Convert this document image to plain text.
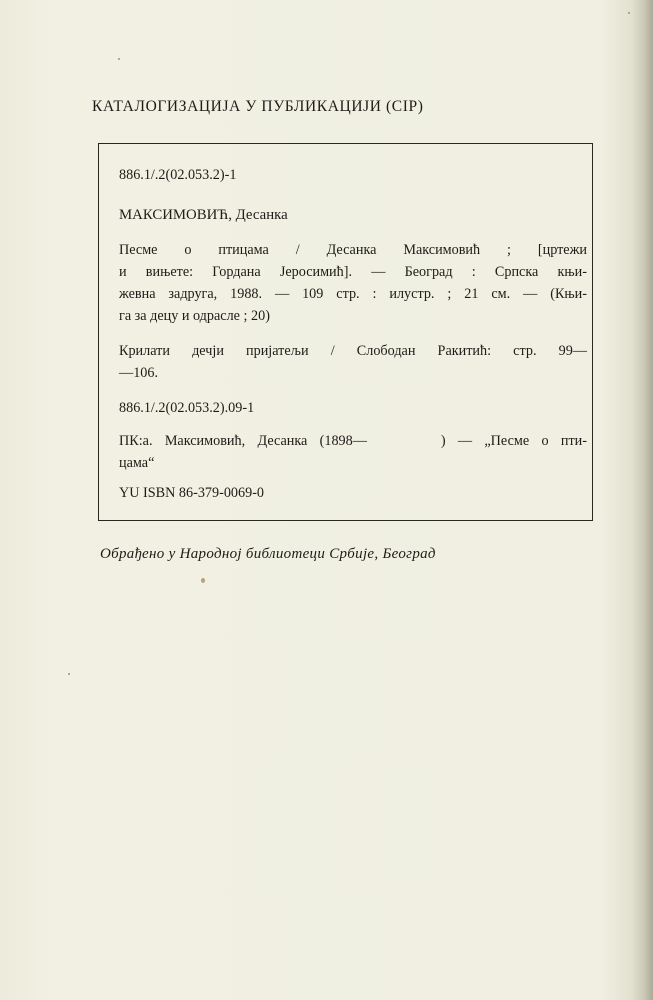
КАТАЛОГИЗАЦИЈА У ПУБЛИКАЦИЈИ (CIP)
886.1/.2(02.053.2)-1
МАКСИМОВИЋ, Десанка
Песме о птицама / Десанка Максимовић ; [цртежи
и вињете: Гордана Јеросимић]. — Београд : Српска књи-
жевна задруга, 1988. — 109 стр. : илустр. ; 21 см. — (Књи-
га за децу и одрасле ; 20)
Крилати дечји пријатељи / Слободан Ракитић: стр. 99—
—106.
886.1/.2(02.053.2).09-1
ПК:а. Максимовић, Десанка (1898—      ) — „Песме о пти-
цама“
YU ISBN 86-379-0069-0
Обрађено у Народној библиотеци Србије, Београд
